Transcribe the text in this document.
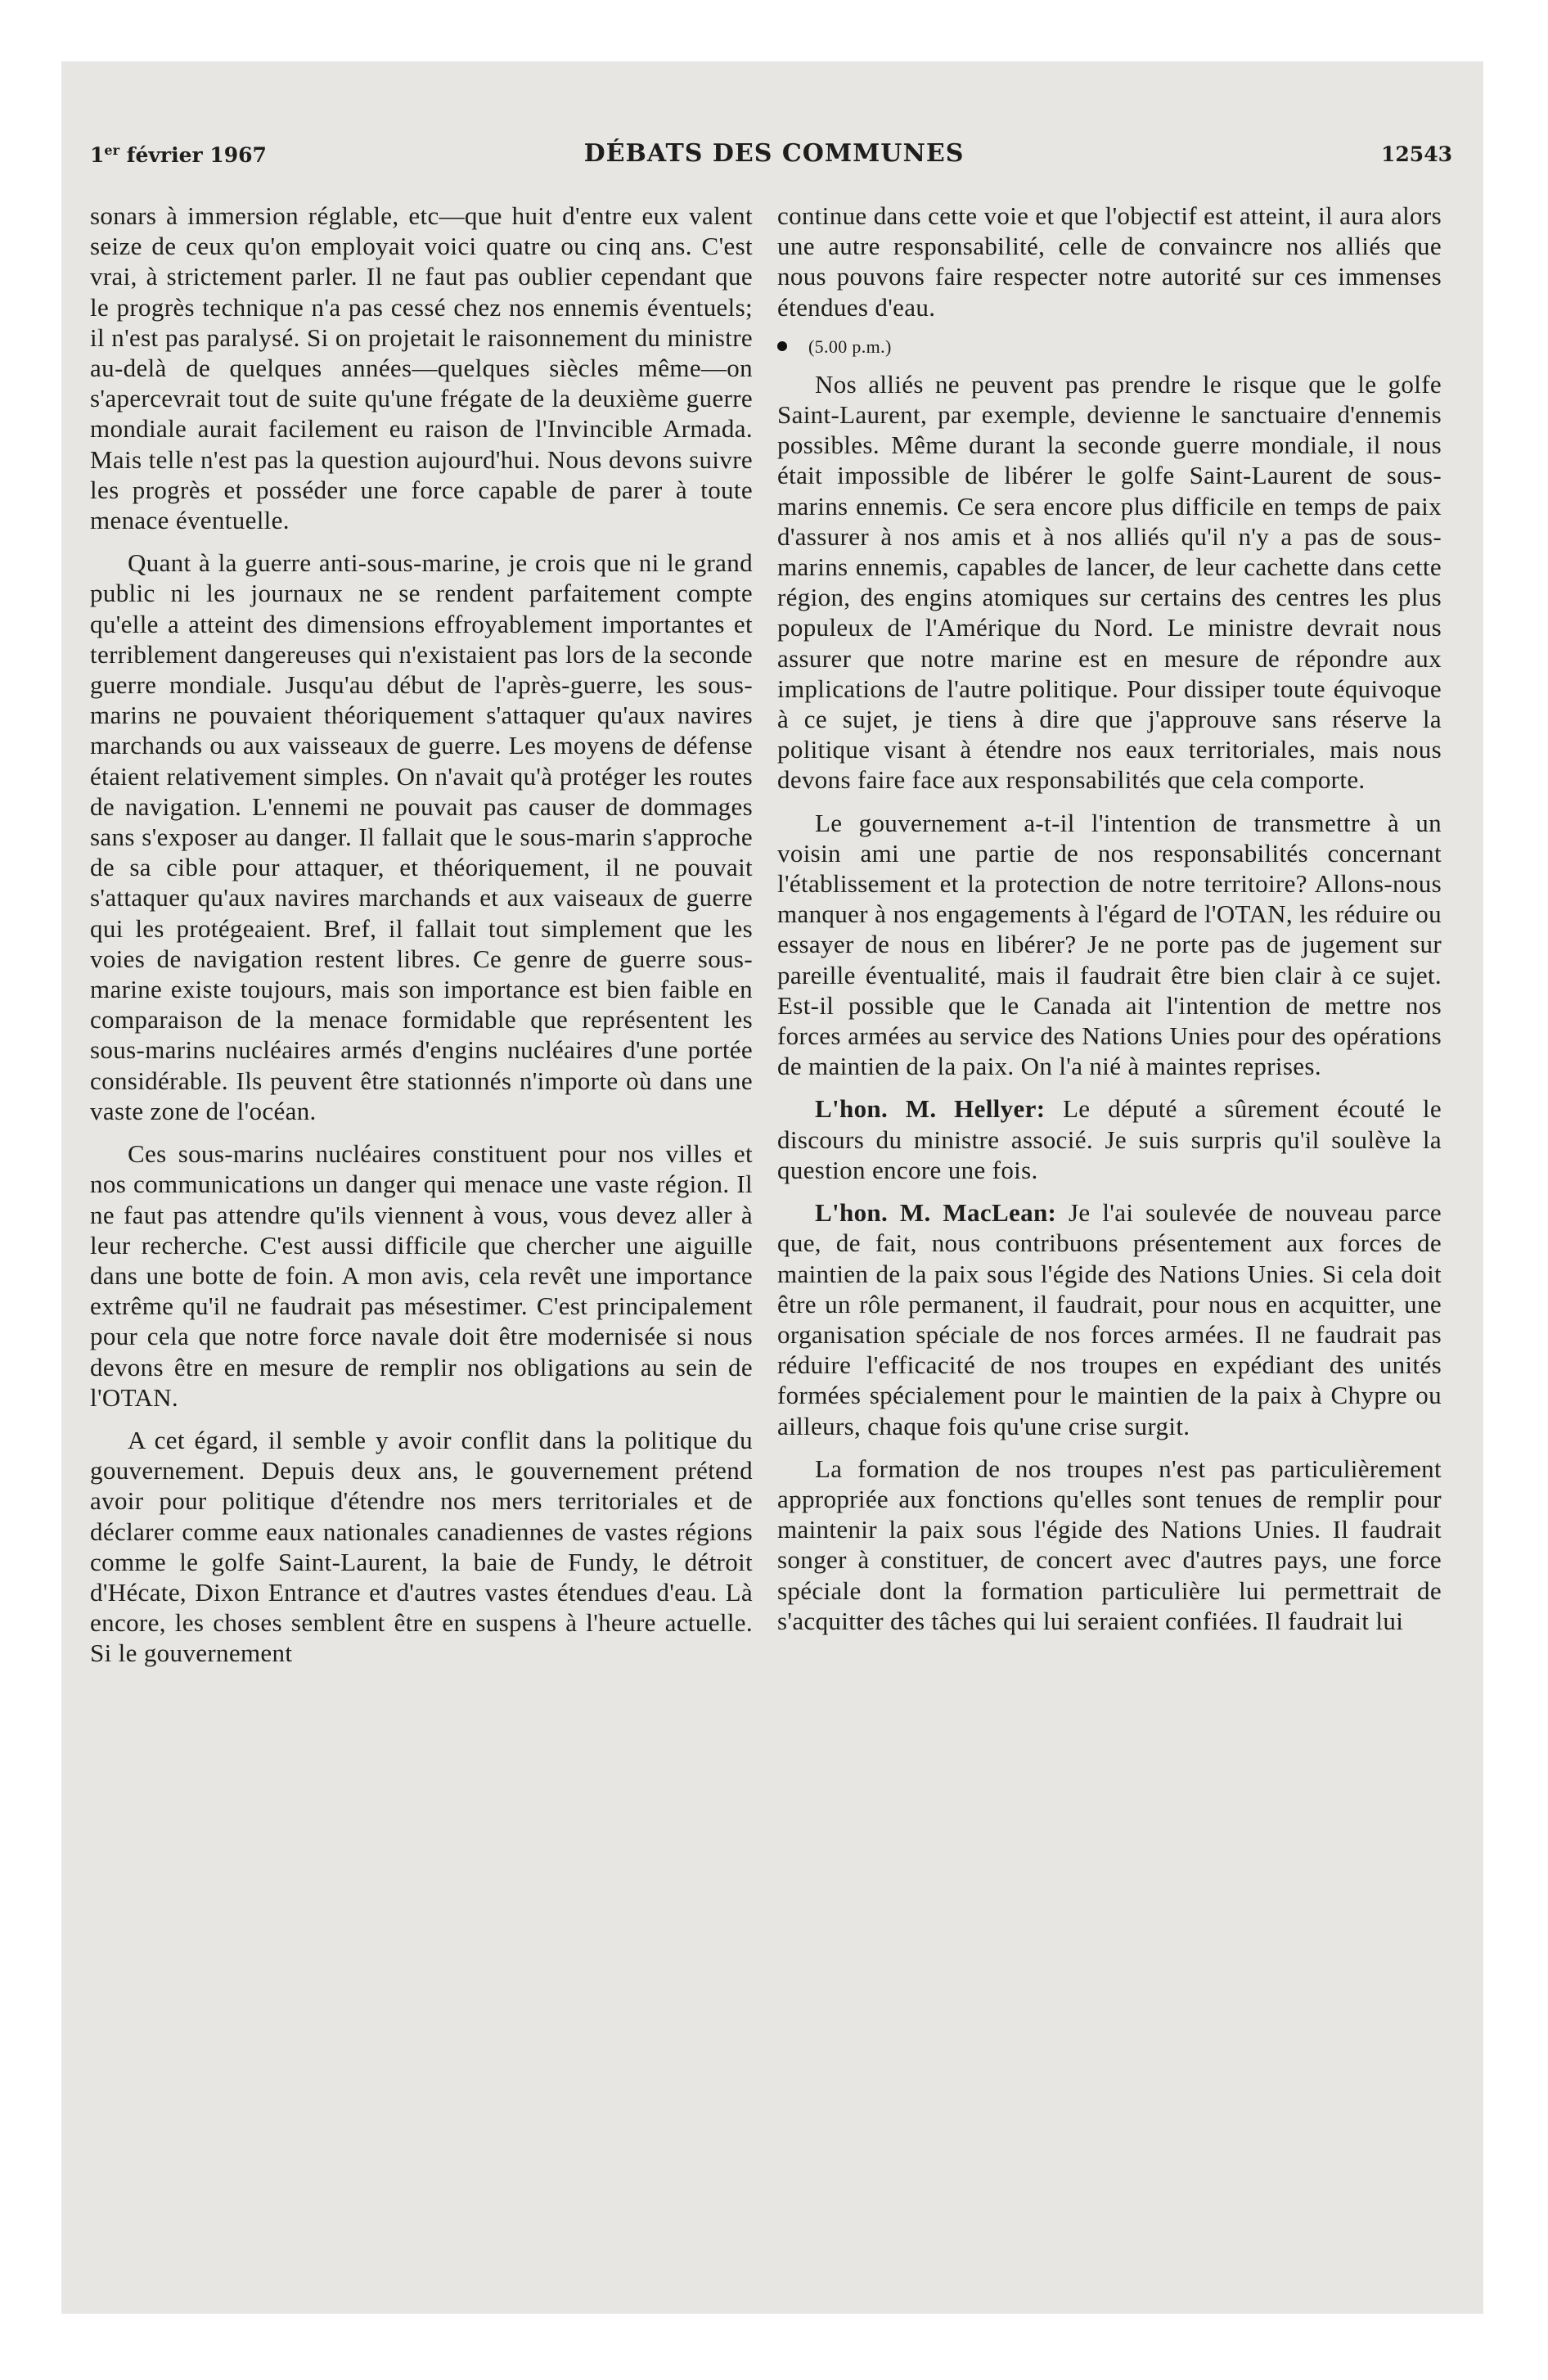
1er février 1967	DÉBATS DES COMMUNES	12543

sonars à immersion réglable, etc—que huit d'entre eux valent seize de ceux qu'on employait voici quatre ou cinq ans. C'est vrai, à strictement parler. Il ne faut pas oublier cependant que le progrès technique n'a pas cessé chez nos ennemis éventuels; il n'est pas paralysé. Si on projetait le raisonnement du ministre au-delà de quelques années—quelques siècles même—on s'apercevrait tout de suite qu'une frégate de la deuxième guerre mondiale aurait facilement eu raison de l'Invincible Armada. Mais telle n'est pas la question aujourd'hui. Nous devons suivre les progrès et posséder une force capable de parer à toute menace éventuelle.

Quant à la guerre anti-sous-marine, je crois que ni le grand public ni les journaux ne se rendent parfaitement compte qu'elle a atteint des dimensions effroyablement importantes et terriblement dangereuses qui n'existaient pas lors de la seconde guerre mondiale. Jusqu'au début de l'après-guerre, les sous-marins ne pouvaient théoriquement s'attaquer qu'aux navires marchands ou aux vaisseaux de guerre. Les moyens de défense étaient relativement simples. On n'avait qu'à protéger les routes de navigation. L'ennemi ne pouvait pas causer de dommages sans s'exposer au danger. Il fallait que le sous-marin s'approche de sa cible pour attaquer, et théoriquement, il ne pouvait s'attaquer qu'aux navires marchands et aux vaiseaux de guerre qui les protégeaient. Bref, il fallait tout simplement que les voies de navigation restent libres. Ce genre de guerre sous-marine existe toujours, mais son importance est bien faible en comparaison de la menace formidable que représentent les sous-marins nucléaires armés d'engins nucléaires d'une portée considérable. Ils peuvent être stationnés n'importe où dans une vaste zone de l'océan.

Ces sous-marins nucléaires constituent pour nos villes et nos communications un danger qui menace une vaste région. Il ne faut pas attendre qu'ils viennent à vous, vous devez aller à leur recherche. C'est aussi difficile que chercher une aiguille dans une botte de foin. A mon avis, cela revêt une importance extrême qu'il ne faudrait pas mésestimer. C'est principalement pour cela que notre force navale doit être modernisée si nous devons être en mesure de remplir nos obligations au sein de l'OTAN.

A cet égard, il semble y avoir conflit dans la politique du gouvernement. Depuis deux ans, le gouvernement prétend avoir pour politique d'étendre nos mers territoriales et de déclarer comme eaux nationales canadiennes de vastes régions comme le golfe Saint-Laurent, la baie de Fundy, le détroit d'Hécate, Dixon Entrance et d'autres vastes étendues d'eau. Là encore, les choses semblent être en suspens à l'heure actuelle. Si le gouvernement

continue dans cette voie et que l'objectif est atteint, il aura alors une autre responsabilité, celle de convaincre nos alliés que nous pouvons faire respecter notre autorité sur ces immenses étendues d'eau.

(5.00 p.m.)

Nos alliés ne peuvent pas prendre le risque que le golfe Saint-Laurent, par exemple, devienne le sanctuaire d'ennemis possibles. Même durant la seconde guerre mondiale, il nous était impossible de libérer le golfe Saint-Laurent de sous-marins ennemis. Ce sera encore plus difficile en temps de paix d'assurer à nos amis et à nos alliés qu'il n'y a pas de sous-marins ennemis, capables de lancer, de leur cachette dans cette région, des engins atomiques sur certains des centres les plus populeux de l'Amérique du Nord. Le ministre devrait nous assurer que notre marine est en mesure de répondre aux implications de l'autre politique. Pour dissiper toute équivoque à ce sujet, je tiens à dire que j'approuve sans réserve la politique visant à étendre nos eaux territoriales, mais nous devons faire face aux responsabilités que cela comporte.

Le gouvernement a-t-il l'intention de transmettre à un voisin ami une partie de nos responsabilités concernant l'établissement et la protection de notre territoire? Allons-nous manquer à nos engagements à l'égard de l'OTAN, les réduire ou essayer de nous en libérer? Je ne porte pas de jugement sur pareille éventualité, mais il faudrait être bien clair à ce sujet. Est-il possible que le Canada ait l'intention de mettre nos forces armées au service des Nations Unies pour des opérations de maintien de la paix. On l'a nié à maintes reprises.

L'hon. M. Hellyer: Le député a sûrement écouté le discours du ministre associé. Je suis surpris qu'il soulève la question encore une fois.

L'hon. M. MacLean: Je l'ai soulevée de nouveau parce que, de fait, nous contribuons présentement aux forces de maintien de la paix sous l'égide des Nations Unies. Si cela doit être un rôle permanent, il faudrait, pour nous en acquitter, une organisation spéciale de nos forces armées. Il ne faudrait pas réduire l'efficacité de nos troupes en expédiant des unités formées spécialement pour le maintien de la paix à Chypre ou ailleurs, chaque fois qu'une crise surgit.

La formation de nos troupes n'est pas particulièrement appropriée aux fonctions qu'elles sont tenues de remplir pour maintenir la paix sous l'égide des Nations Unies. Il faudrait songer à constituer, de concert avec d'autres pays, une force spéciale dont la formation particulière lui permettrait de s'acquitter des tâches qui lui seraient confiées. Il faudrait lui
